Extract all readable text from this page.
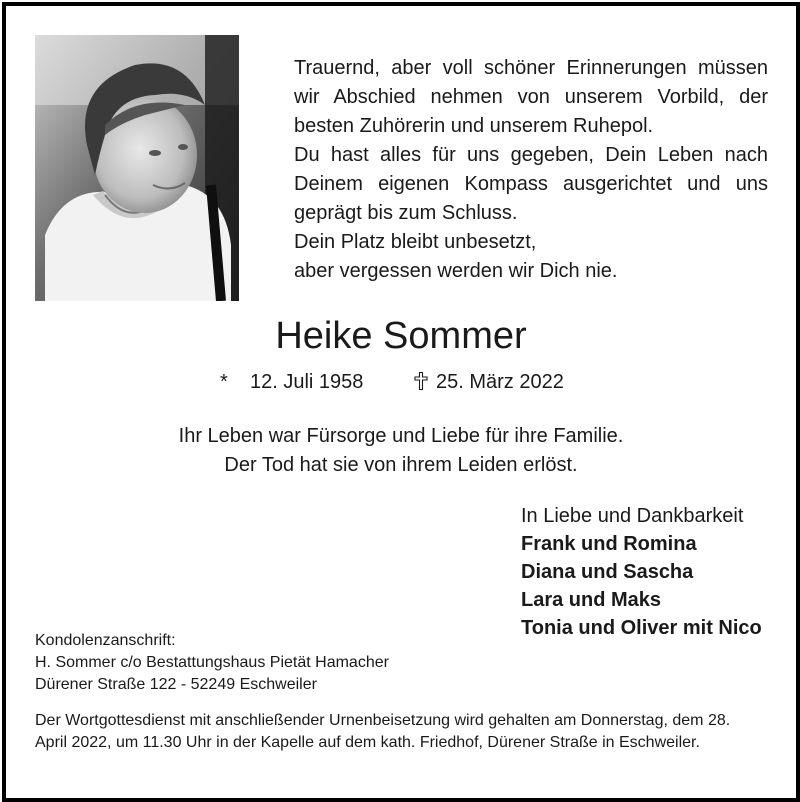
Trauernd, aber voll schöner Erinnerungen müssen
wir Abschied nehmen von unserem Vorbild, der
besten Zuhörerin und unserem Ruhepol.
Du hast alles für uns gegeben, Dein Leben nach
Deinem eigenen Kompass ausgerichtet und uns
geprägt bis zum Schluss.
Dein Platz bleibt unbesetzt,
aber vergessen werden wir Dich nie.
Heike Sommer
* 12. Juli 1958	25. März 2022
Ihr Leben war Fürsorge und Liebe für ihre Familie.
Der Tod hat sie von ihrem Leiden erlöst.
In Liebe und Dankbarkeit
Frank und Romina
Diana und Sascha
Lara und Maks
Tonia und Oliver mit Nico
Kondolenzanschrift:
H. Sommer c/o Bestattungshaus Pietät Hamacher
Dürener Straße 122 - 52249 Eschweiler
Der Wortgottesdienst mit anschließender Urnenbeisetzung wird gehalten am Donnerstag, dem 28. April 2022, um 11.30 Uhr in der Kapelle auf dem kath. Friedhof, Dürener Straße in Eschweiler.
